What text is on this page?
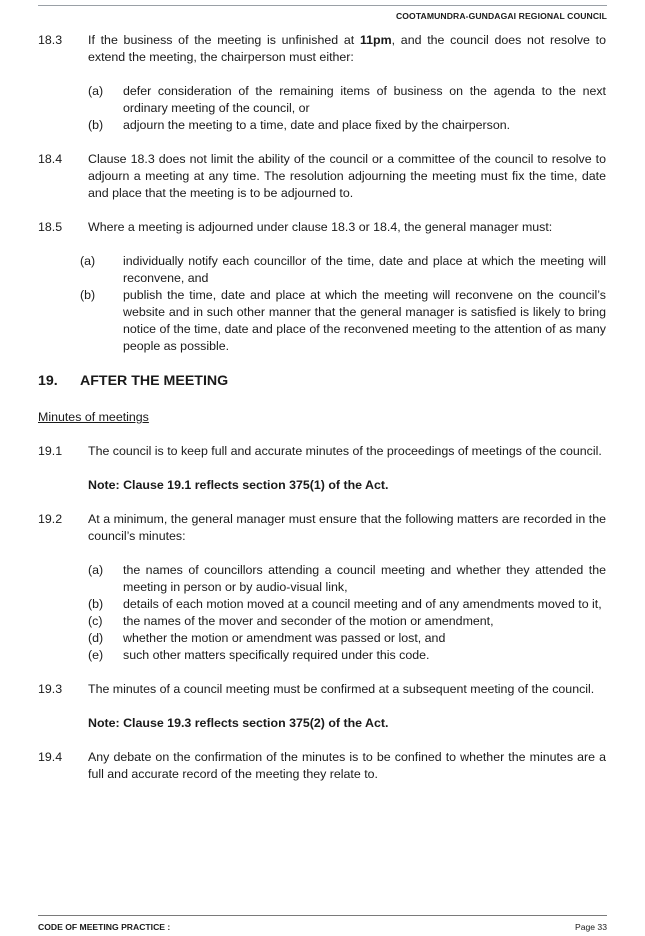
COOTAMUNDRA-GUNDAGAI REGIONAL COUNCIL
18.3 If the business of the meeting is unfinished at 11pm, and the council does not resolve to extend the meeting, the chairperson must either:
(a) defer consideration of the remaining items of business on the agenda to the next ordinary meeting of the council, or
(b) adjourn the meeting to a time, date and place fixed by the chairperson.
18.4 Clause 18.3 does not limit the ability of the council or a committee of the council to resolve to adjourn a meeting at any time. The resolution adjourning the meeting must fix the time, date and place that the meeting is to be adjourned to.
18.5 Where a meeting is adjourned under clause 18.3 or 18.4, the general manager must:
(a) individually notify each councillor of the time, date and place at which the meeting will reconvene, and
(b) publish the time, date and place at which the meeting will reconvene on the council’s website and in such other manner that the general manager is satisfied is likely to bring notice of the time, date and place of the reconvened meeting to the attention of as many people as possible.
19. AFTER THE MEETING
Minutes of meetings
19.1 The council is to keep full and accurate minutes of the proceedings of meetings of the council.
Note: Clause 19.1 reflects section 375(1) of the Act.
19.2 At a minimum, the general manager must ensure that the following matters are recorded in the council’s minutes:
(a) the names of councillors attending a council meeting and whether they attended the meeting in person or by audio-visual link,
(b) details of each motion moved at a council meeting and of any amendments moved to it,
(c) the names of the mover and seconder of the motion or amendment,
(d) whether the motion or amendment was passed or lost, and
(e) such other matters specifically required under this code.
19.3 The minutes of a council meeting must be confirmed at a subsequent meeting of the council.
Note: Clause 19.3 reflects section 375(2) of the Act.
19.4 Any debate on the confirmation of the minutes is to be confined to whether the minutes are a full and accurate record of the meeting they relate to.
CODE OF MEETING PRACTICE :	Page 33
